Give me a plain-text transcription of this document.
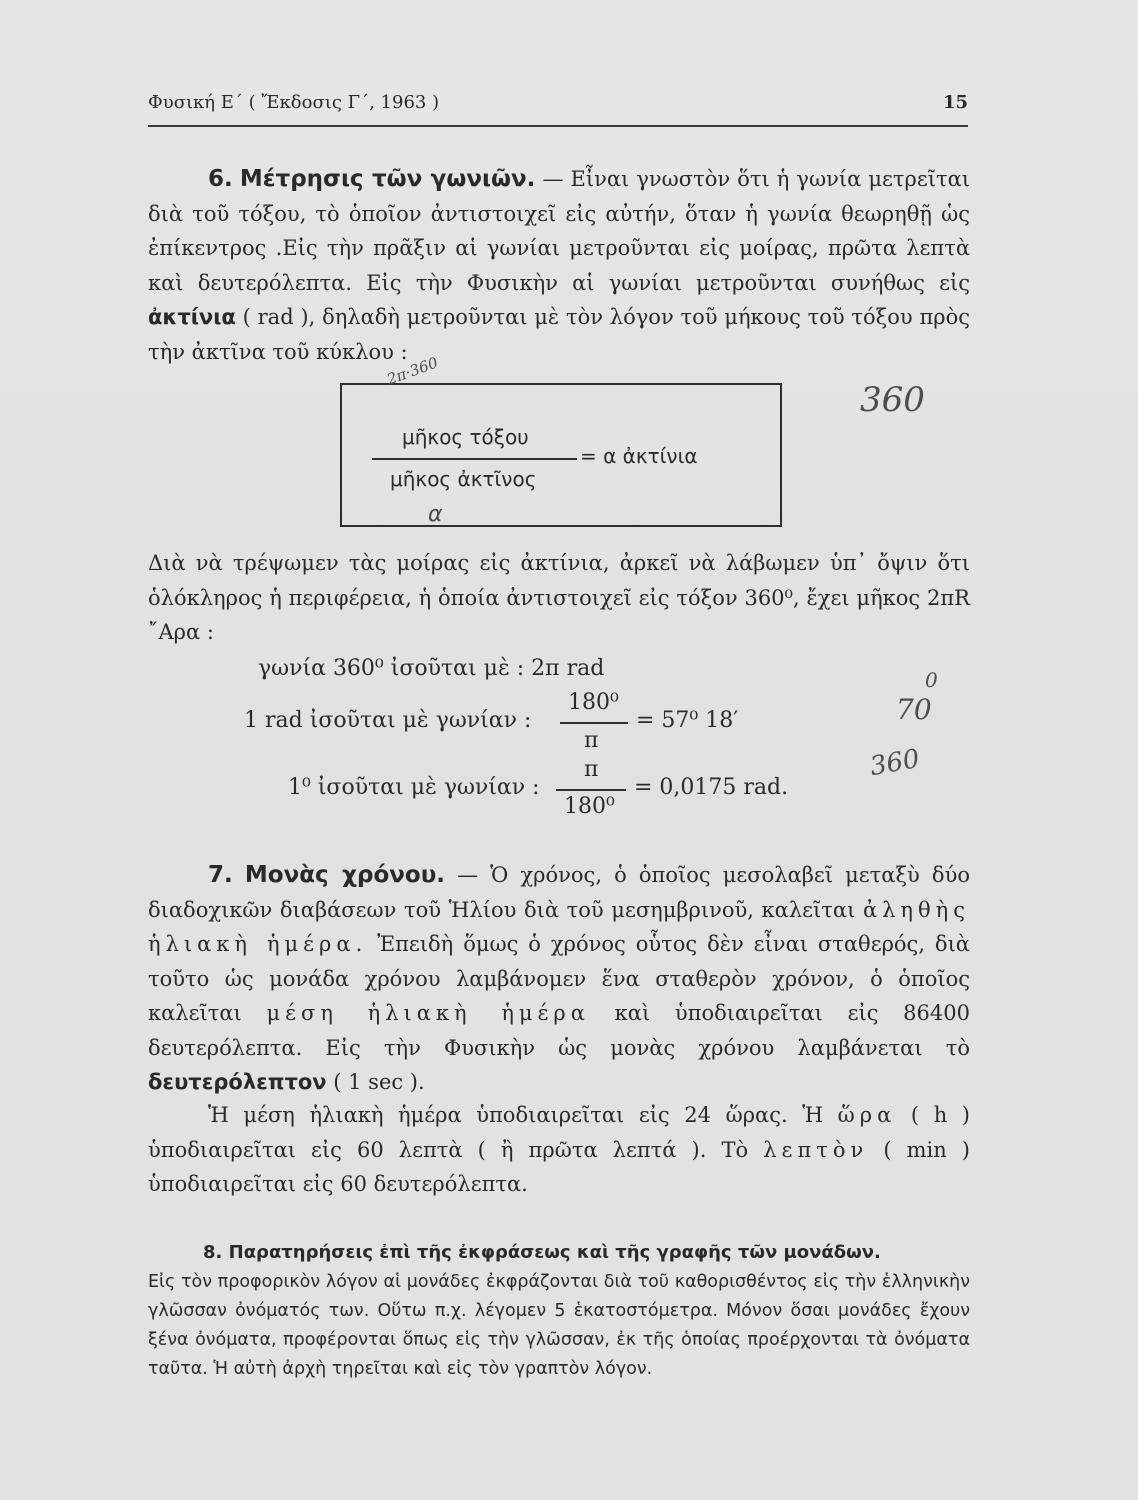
Φυσική Ε΄ ( Ἔκδοσις Γ΄, 1963 )	15
6. Μέτρησις τῶν γωνιῶν. — Εἶναι γνωστὸν ὅτι ἡ γωνία μετρεῖται διὰ τοῦ τόξου, τὸ ὁποῖον ἀντιστοιχεῖ εἰς αὐτήν, ὅταν ἡ γωνία θεωρηθῇ ὡς ἐπίκεντρος .Εἰς τὴν πρᾶξιν αἱ γωνίαι μετροῦνται εἰς μοίρας, πρῶτα λεπτὰ καὶ δευτερόλεπτα. Εἰς τὴν Φυσικὴν αἱ γωνίαι μετροῦνται συνήθως εἰς ἀκτίνια ( rad ), δηλαδὴ μετροῦνται μὲ τὸν λόγον τοῦ μήκους τοῦ τόξου πρὸς τὴν ἀκτῖνα τοῦ κύκλου :
μῆκος τόξου
μῆκος ἀκτῖνος
= α ἀκτίνια
α
Διὰ νὰ τρέψωμεν τὰς μοίρας εἰς ἀκτίνια, ἀρκεῖ νὰ λάβωμεν ὑπ᾽ ὄψιν ὅτι ὁλόκληρος ἡ περιφέρεια, ἡ ὁποία ἀντιστοιχεῖ εἰς τόξον 360⁰, ἔχει μῆκος 2πR ῎Αρα :
γωνία 360⁰ ἰσοῦται μὲ : 2π rad
1 rad ἰσοῦται μὲ γωνίαν :
180⁰
π
= 57⁰ 18′
1⁰ ἰσοῦται μὲ γωνίαν :
π
180⁰
= 0,0175 rad.
7. Μονὰς χρόνου. — Ὁ χρόνος, ὁ ὁποῖος μεσολαβεῖ μεταξὺ δύο διαδοχικῶν διαβάσεων τοῦ Ἡλίου διὰ τοῦ μεσημβρινοῦ, καλεῖται ἀληθὴς ἡλιακὴ ἡμέρα. Ἐπειδὴ ὅμως ὁ χρόνος οὗτος δὲν εἶναι σταθερός, διὰ τοῦτο ὡς μονάδα χρόνου λαμβάνομεν ἕνα σταθερὸν χρόνον, ὁ ὁποῖος καλεῖται μέση ἡλιακὴ ἡμέρα καὶ ὑποδιαιρεῖται εἰς 86400 δευτερόλεπτα. Εἰς τὴν Φυσικὴν ὡς μονὰς χρόνου λαμβάνεται τὸ δευτερόλεπτον ( 1 sec ).
Ἡ μέση ἡλιακὴ ἡμέρα ὑποδιαιρεῖται εἰς 24 ὥρας. Ἡ ὥρα ( h ) ὑποδιαιρεῖται εἰς 60 λεπτὰ ( ἢ πρῶτα λεπτά ). Τὸ λεπτὸν ( min ) ὑποδιαιρεῖται εἰς 60 δευτερόλεπτα.
8. Παρατηρήσεις ἐπὶ τῆς ἐκφράσεως καὶ τῆς γραφῆς τῶν μονάδων.
Εἰς τὸν προφορικὸν λόγον αἱ μονάδες ἐκφράζονται διὰ τοῦ καθορισθέντος εἰς τὴν ἑλληνικὴν γλῶσσαν ὀνόματός των. Οὕτω π.χ. λέγομεν 5 ἑκατοστόμετρα. Μόνον ὅσαι μονάδες ἔχουν ξένα ὀνόματα, προφέρονται ὅπως εἰς τὴν γλῶσσαν, ἐκ τῆς ὁποίας προέρχονται τὰ ὀνόματα ταῦτα. Ἡ αὐτὴ ἀρχὴ τηρεῖται καὶ εἰς τὸν γραπτὸν λόγον.
360
2π·360
70
0
360
